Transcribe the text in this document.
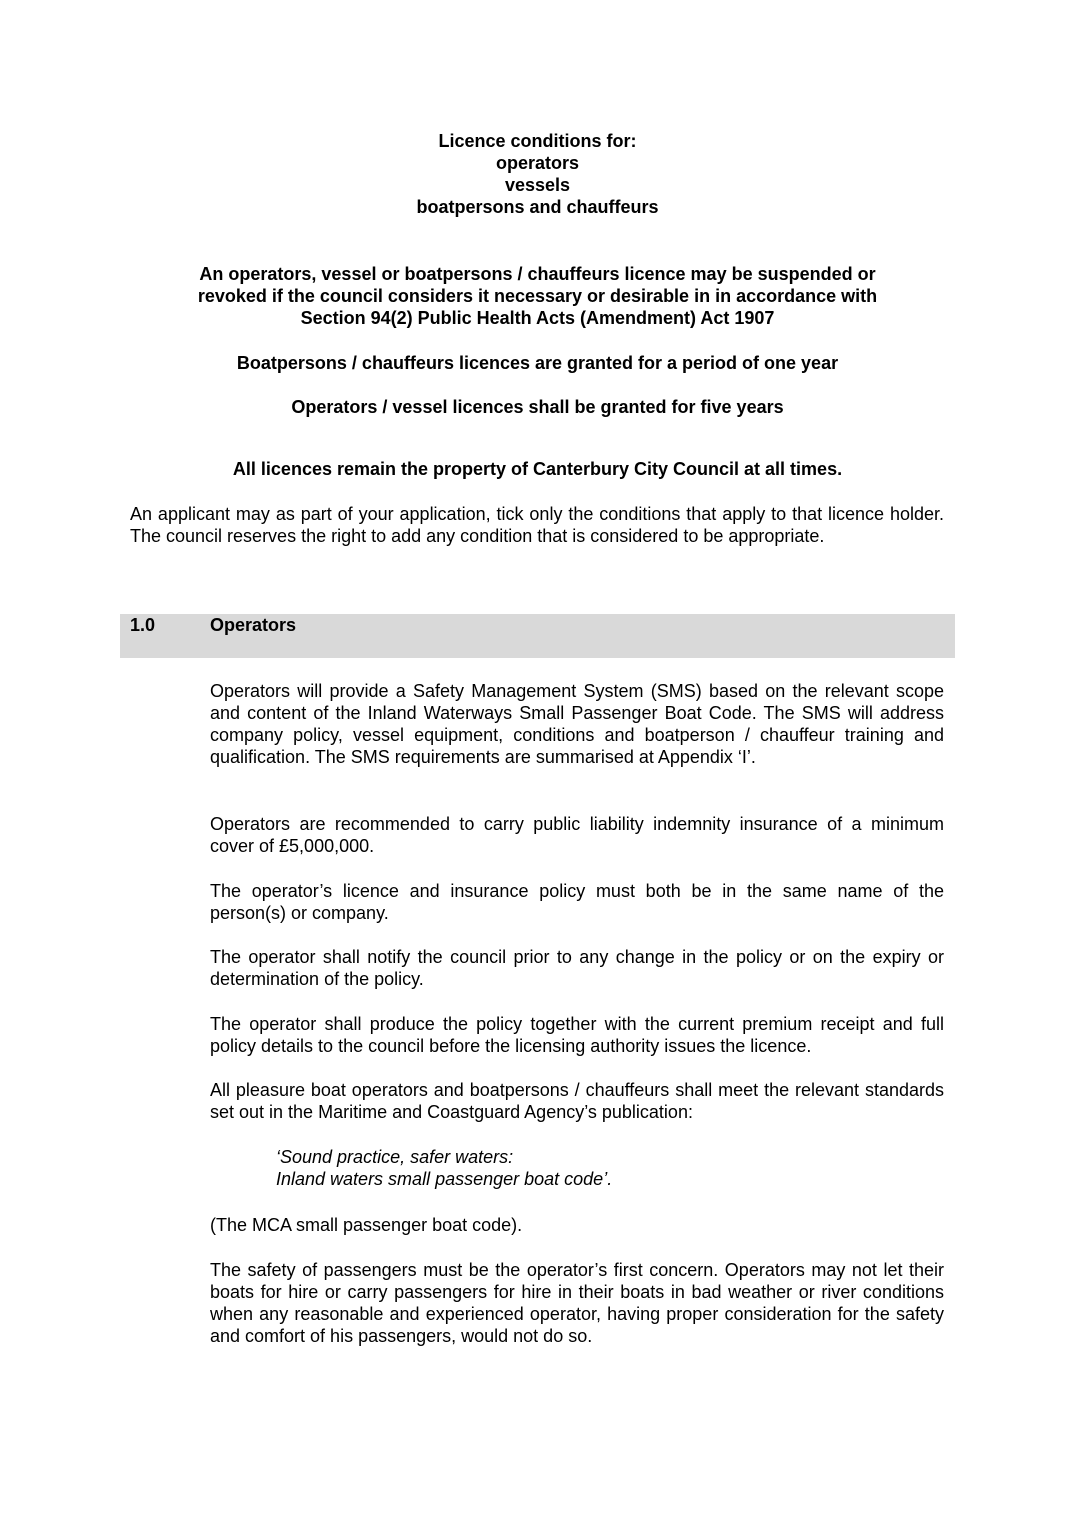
Licence conditions for:
operators
vessels
boatpersons and chauffeurs
An operators, vessel or boatpersons / chauffeurs licence may be suspended or
revoked if the council considers it necessary or desirable in in accordance with
Section 94(2) Public Health Acts (Amendment) Act 1907
Boatpersons / chauffeurs licences are granted for a period of one year
Operators / vessel licences shall be granted for five years
All licences remain the property of Canterbury City Council at all times.

An applicant may as part of your application, tick only the conditions that apply to that licence holder. The council reserves the right to add any condition that is considered to be appropriate.

1.0	Operators

Operators will provide a Safety Management System (SMS) based on the relevant scope and content of the Inland Waterways Small Passenger Boat Code. The SMS will address company policy, vessel equipment, conditions and boatperson / chauffeur training and qualification. The SMS requirements are summarised at Appendix ‘I’.

Operators are recommended to carry public liability indemnity insurance of a minimum cover of £5,000,000.

The operator’s licence and insurance policy must both be in the same name of the person(s) or company.

The operator shall notify the council prior to any change in the policy or on the expiry or determination of the policy.

The operator shall produce the policy together with the current premium receipt and full policy details to the council before the licensing authority issues the licence.

All pleasure boat operators and boatpersons / chauffeurs shall meet the relevant standards set out in the Maritime and Coastguard Agency’s publication:

‘Sound practice, safer waters:
Inland waters small passenger boat code’.

(The MCA small passenger boat code).

The safety of passengers must be the operator’s first concern. Operators may not let their boats for hire or carry passengers for hire in their boats in bad weather or river conditions when any reasonable and experienced operator, having proper consideration for the safety and comfort of his passengers, would not do so.
